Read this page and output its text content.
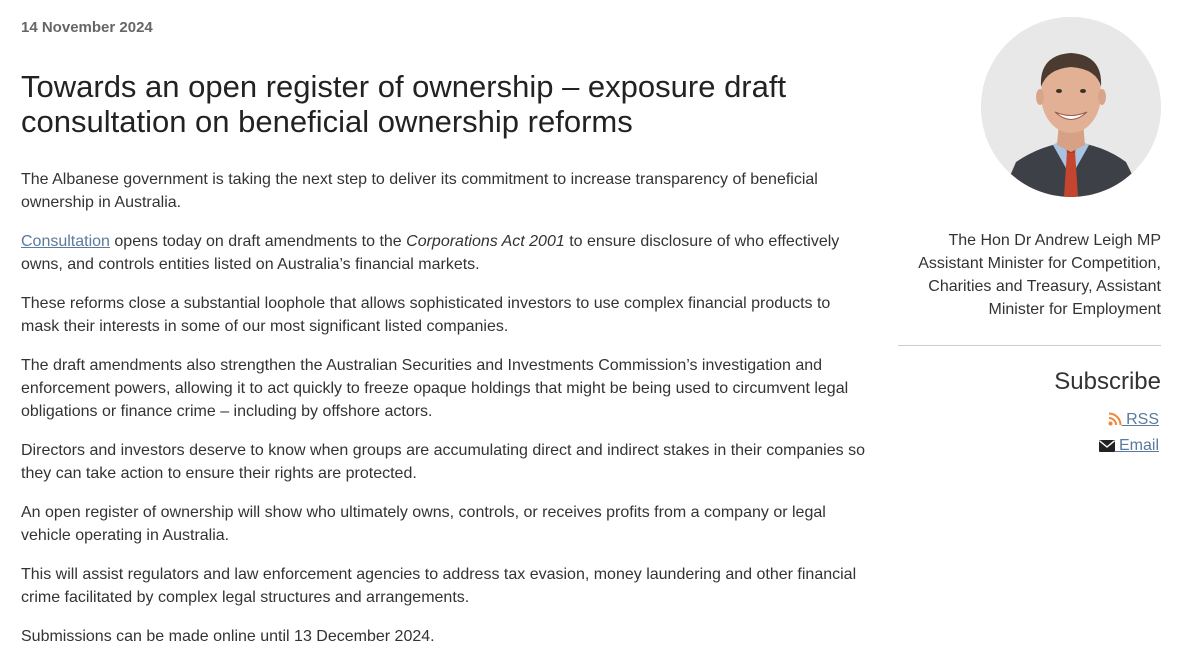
14 November 2024
Towards an open register of ownership – exposure draft consultation on beneficial ownership reforms

The Albanese government is taking the next step to deliver its commitment to increase transparency of beneficial ownership in Australia.

Consultation opens today on draft amendments to the Corporations Act 2001 to ensure disclosure of who effectively owns, and controls entities listed on Australia’s financial markets.

These reforms close a substantial loophole that allows sophisticated investors to use complex financial products to mask their interests in some of our most significant listed companies.

The draft amendments also strengthen the Australian Securities and Investments Commission’s investigation and enforcement powers, allowing it to act quickly to freeze opaque holdings that might be being used to circumvent legal obligations or finance crime – including by offshore actors.

Directors and investors deserve to know when groups are accumulating direct and indirect stakes in their companies so they can take action to ensure their rights are protected.

An open register of ownership will show who ultimately owns, controls, or receives profits from a company or legal vehicle operating in Australia.

This will assist regulators and law enforcement agencies to address tax evasion, money laundering and other financial crime facilitated by complex legal structures and arrangements.

Submissions can be made online until 13 December 2024.

The Hon Dr Andrew Leigh MP
Assistant Minister for Competition, Charities and Treasury, Assistant Minister for Employment
Subscribe
RSS
Email
